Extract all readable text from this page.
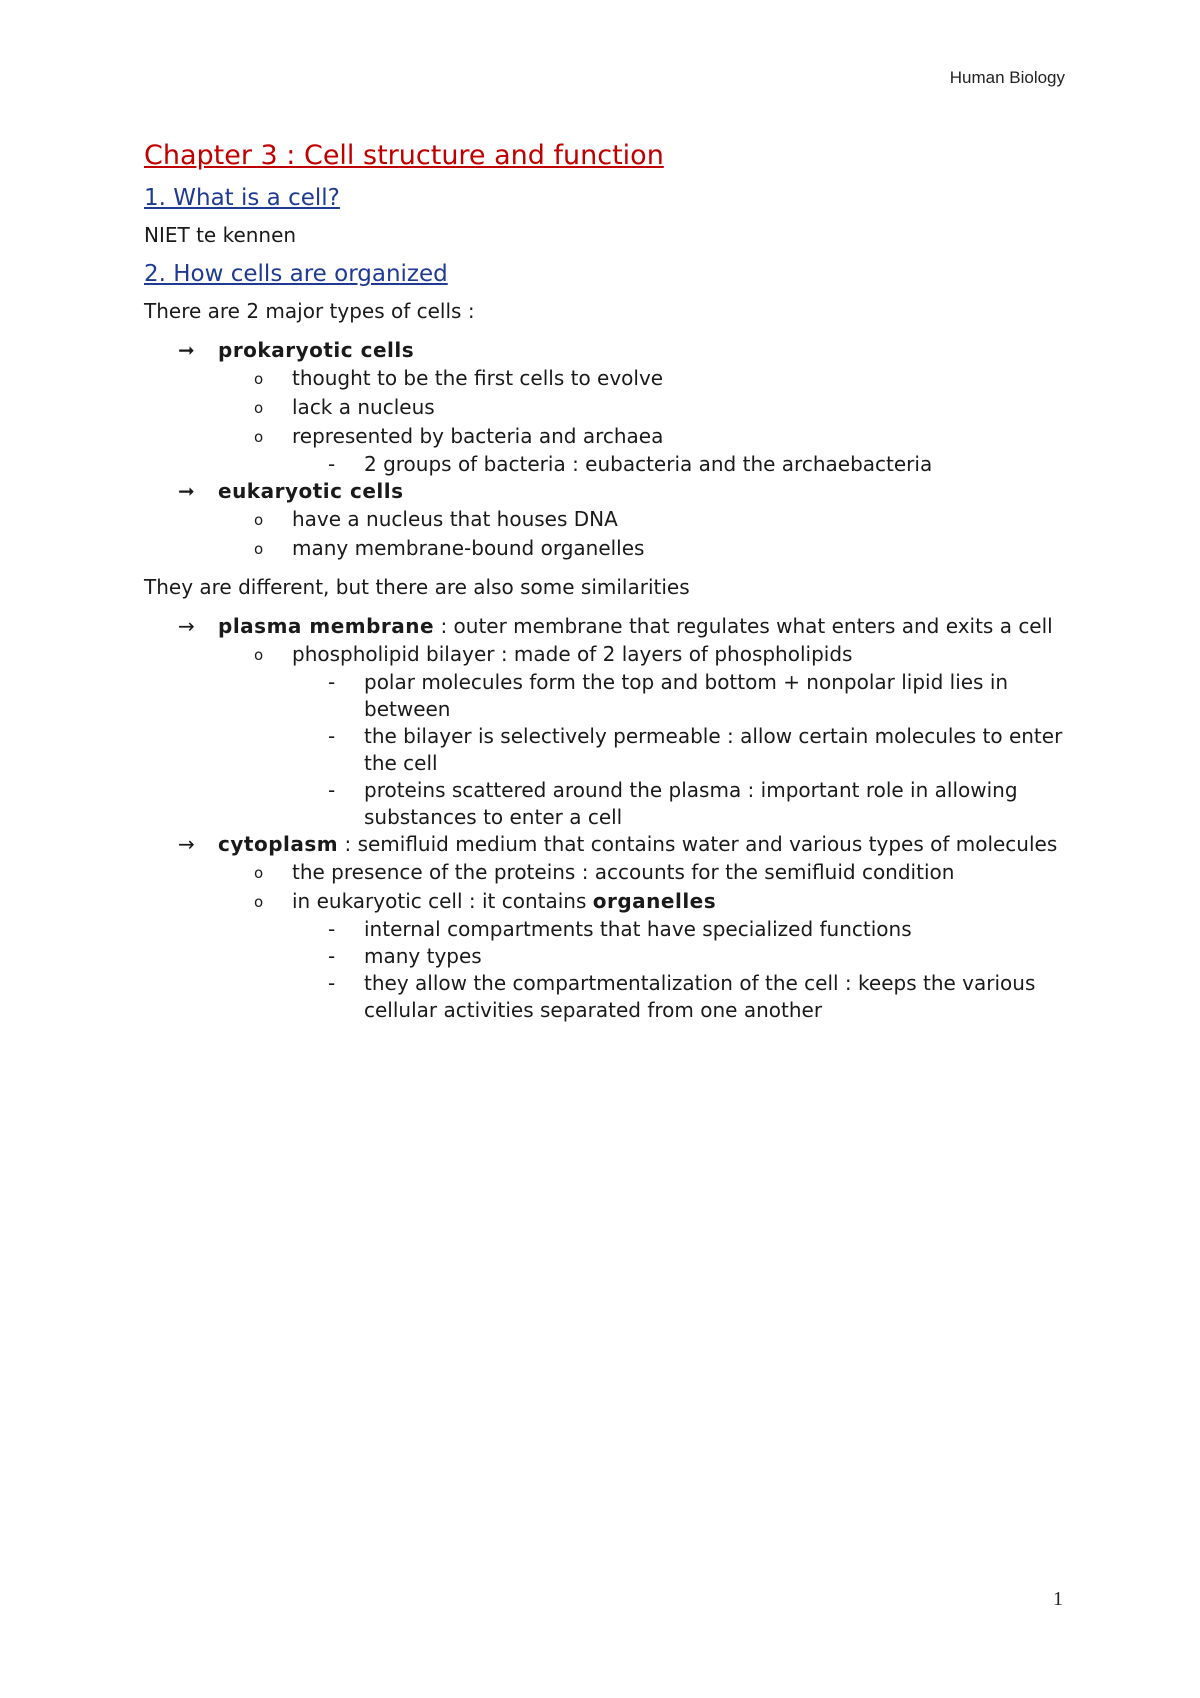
Human Biology
Chapter 3 : Cell structure and function
1. What is a cell?

NIET te kennen

2. How cells are organized

There are 2 major types of cells :

➞ prokaryotic cells
o thought to be the first cells to evolve
o lack a nucleus
o represented by bacteria and archaea
- 2 groups of bacteria : eubacteria and the archaebacteria
➞ eukaryotic cells
o have a nucleus that houses DNA
o many membrane-bound organelles

They are different, but there are also some similarities

→ plasma membrane : outer membrane that regulates what enters and exits a cell
o phospholipid bilayer : made of 2 layers of phospholipids
- polar molecules form the top and bottom + nonpolar lipid lies in between
- the bilayer is selectively permeable : allow certain molecules to enter the cell
- proteins scattered around the plasma : important role in allowing substances to enter a cell
→ cytoplasm : semifluid medium that contains water and various types of molecules
o the presence of the proteins : accounts for the semifluid condition
o in eukaryotic cell : it contains organelles
- internal compartments that have specialized functions
- many types
- they allow the compartmentalization of the cell : keeps the various cellular activities separated from one another
1
